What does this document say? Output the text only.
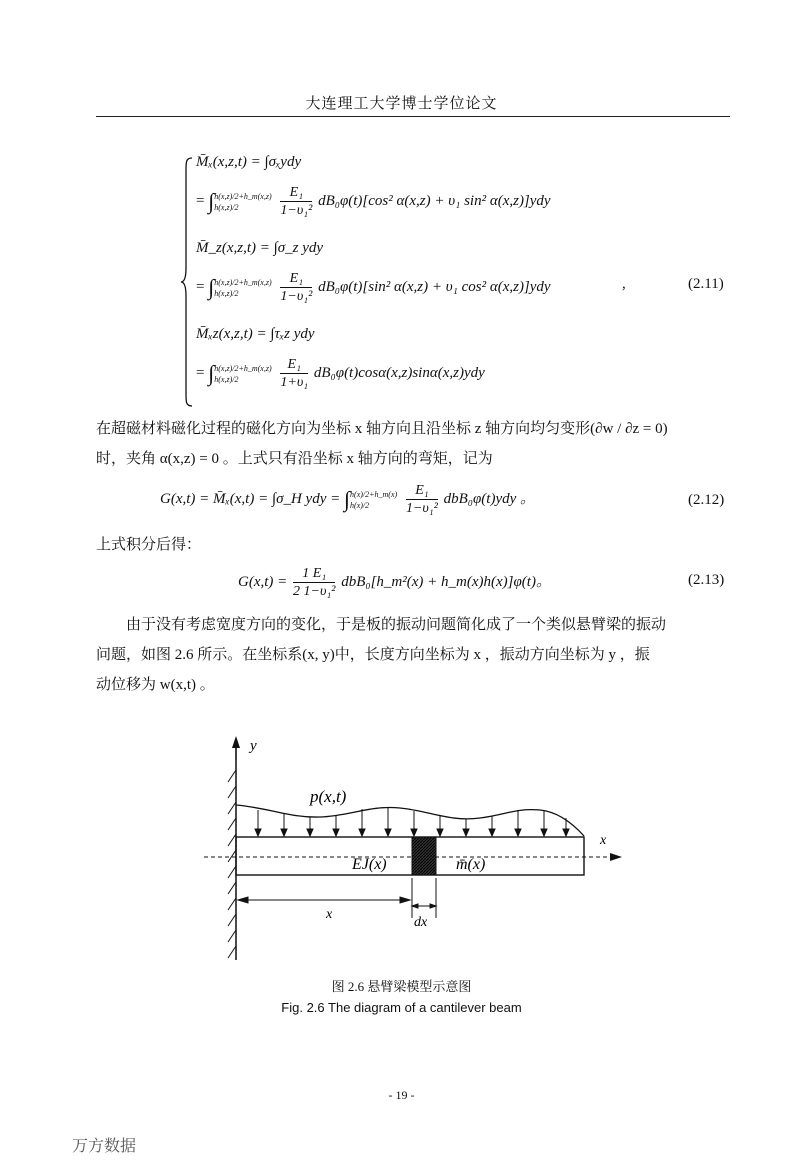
大连理工大学博士学位论文
M̄ₓ(x,z,t) = ∫σₓydy
= ∫h(x,z)/2+h_m(x,z)
h(x,z)/2	$\frac{\text{E₁}}{\text{1−υ₁²}} dB_0\varphi(t)[\cos^2$ α(x,z) + υ₁ sin² α(x,z)]ydy
M̄_z(x,z,t) = ∫σ_z ydy
= ∫h(x,z)/2+h_m(x,z)
h(x,z)/2	$\frac{\text{E₁}}{\text{1−υ₁²}} dB_0\varphi(t)[\sin^2$ α(x,z) + υ₁ cos² α(x,z)]ydy
M̄ₓz(x,z,t) = ∫τₓz ydy
= ∫h(x,z)/2+h_m(x,z)
h(x,z)/2	$\frac{\text{E₁}}{\text{1+υ₁}} dB_0\varphi(t)\cos\alpha(x,z)\sin\alpha(x,z)ydy$
,	(2.11)
在超磁材料磁化过程的磁化方向为坐标 x 轴方向且沿坐标 z 轴方向均匀变形(∂w / ∂z = 0)
时，夹角 α(x,z) = 0 。上式只有沿坐标 x 轴方向的弯矩，记为
G(x,t) = M̄ₓ(x,t) = ∫σ_H ydy = ∫h(x)/2+h_m(x)
h(x)/2	$\frac{\text{E₁}}{\text{1−υ₁²}} dbB_0\varphi(t)ydy$ 。	(2.12)
上式积分后得：
$G(x,t) = \frac{\text{1 E₁}}{\text{2 1−υ₁²}}$ dbB₀[h_m²(x) + h_m(x)h(x)]φ(t)。	(2.13)
由于没有考虑宽度方向的变化，于是板的振动问题简化成了一个类似悬臂梁的振动
问题，如图 2.6 所示。在坐标系(x, y)中，长度方向坐标为 x ，振动方向坐标为 y ，振
动位移为 w(x,t) 。
y
x
p(x,t)
EJ(x)	m̄(x)
x
dx
图 2.6 悬臂梁模型示意图
Fig. 2.6 The diagram of a cantilever beam
- 19 -
万方数据
